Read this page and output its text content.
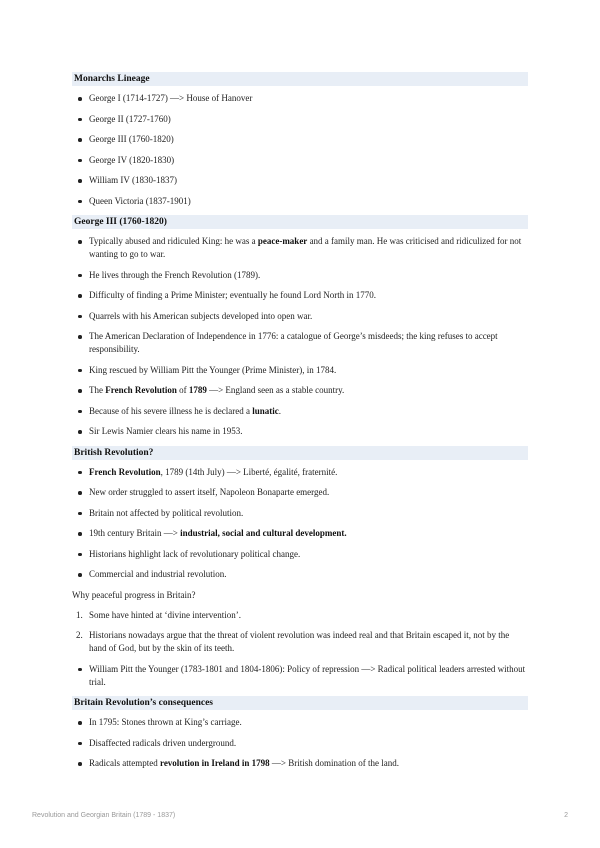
Monarchs Lineage
George I (1714-1727) —> House of Hanover
George II (1727-1760)
George III (1760-1820)
George IV (1820-1830)
William IV (1830-1837)
Queen Victoria (1837-1901)
George III (1760-1820)
Typically abused and ridiculed King: he was a peace-maker and a family man. He was criticised and ridiculized for not wanting to go to war.
He lives through the French Revolution (1789).
Difficulty of finding a Prime Minister; eventually he found Lord North in 1770.
Quarrels with his American subjects developed into open war.
The American Declaration of Independence in 1776: a catalogue of George’s misdeeds; the king refuses to accept responsibility.
King rescued by William Pitt the Younger (Prime Minister), in 1784.
The French Revolution of 1789 —> England seen as a stable country.
Because of his severe illness he is declared a lunatic.
Sir Lewis Namier clears his name in 1953.
British Revolution?
French Revolution, 1789 (14th July) —> Liberté, égalité, fraternité.
New order struggled to assert itself, Napoleon Bonaparte emerged.
Britain not affected by political revolution.
19th century Britain —> industrial, social and cultural development.
Historians highlight lack of revolutionary political change.
Commercial and industrial revolution.
Why peaceful progress in Britain?
1. Some have hinted at ‘divine intervention’.
2. Historians nowadays argue that the threat of violent revolution was indeed real and that Britain escaped it, not by the hand of God, but by the skin of its teeth.
William Pitt the Younger (1783-1801 and 1804-1806): Policy of repression —> Radical political leaders arrested without trial.
Britain Revolution’s consequences
In 1795: Stones thrown at King’s carriage.
Disaffected radicals driven underground.
Radicals attempted revolution in Ireland in 1798 —> British domination of the land.
Revolution and Georgian Britain (1789 - 1837)	2
